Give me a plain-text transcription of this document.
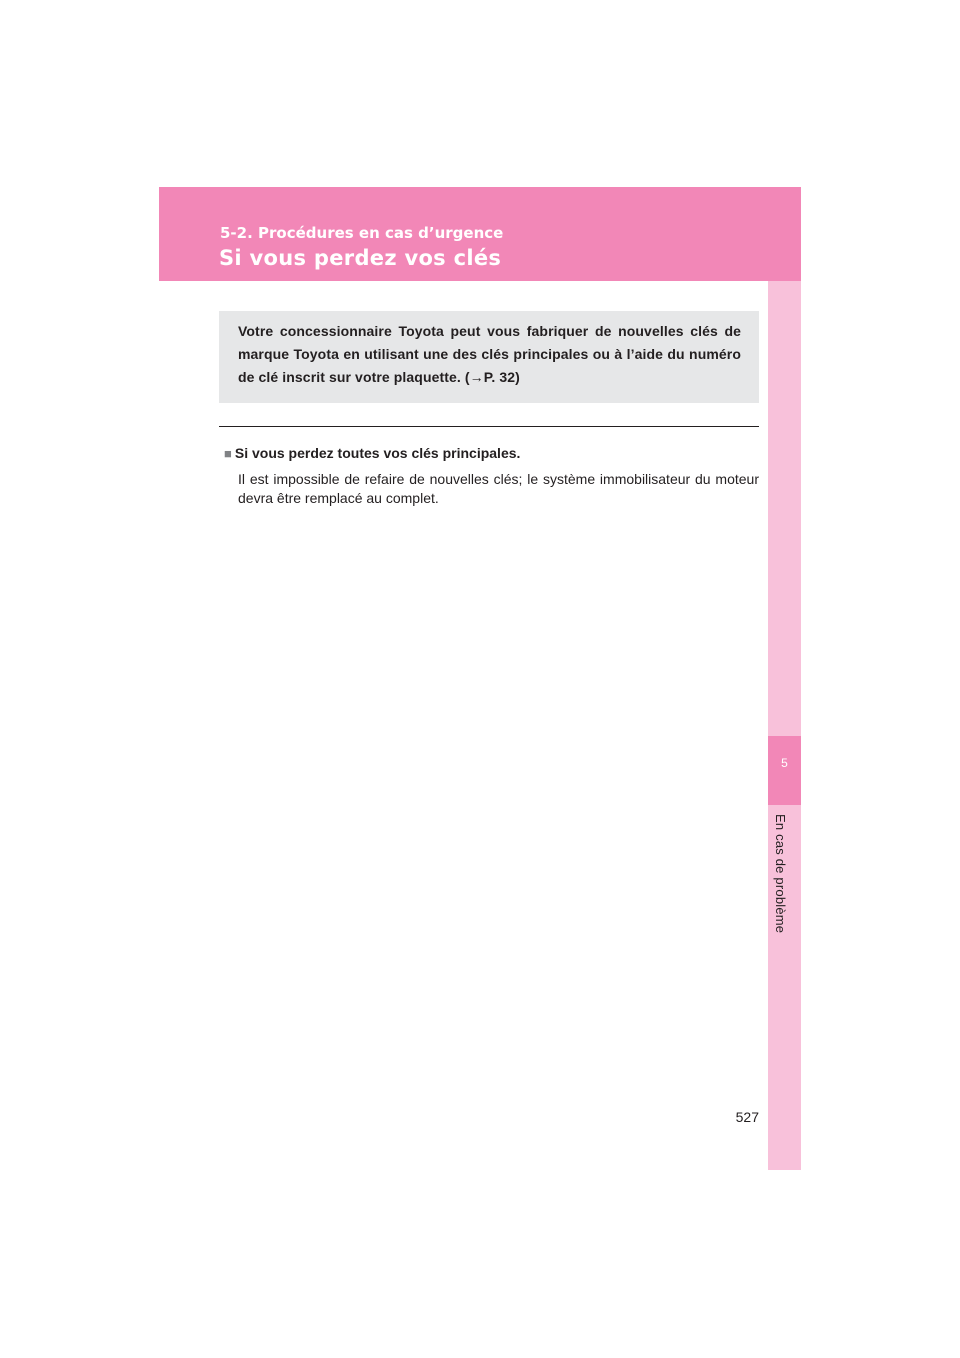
5-2. Procédures en cas d’urgence
Si vous perdez vos clés
5
En cas de problème
Votre concessionnaire Toyota peut vous fabriquer de nouvelles clés de marque Toyota en utilisant une des clés principales ou à l’aide du numéro de clé inscrit sur votre plaquette. (→P. 32)
■ Si vous perdez toutes vos clés principales.
Il est impossible de refaire de nouvelles clés; le système immobilisateur du moteur devra être remplacé au complet.
527
